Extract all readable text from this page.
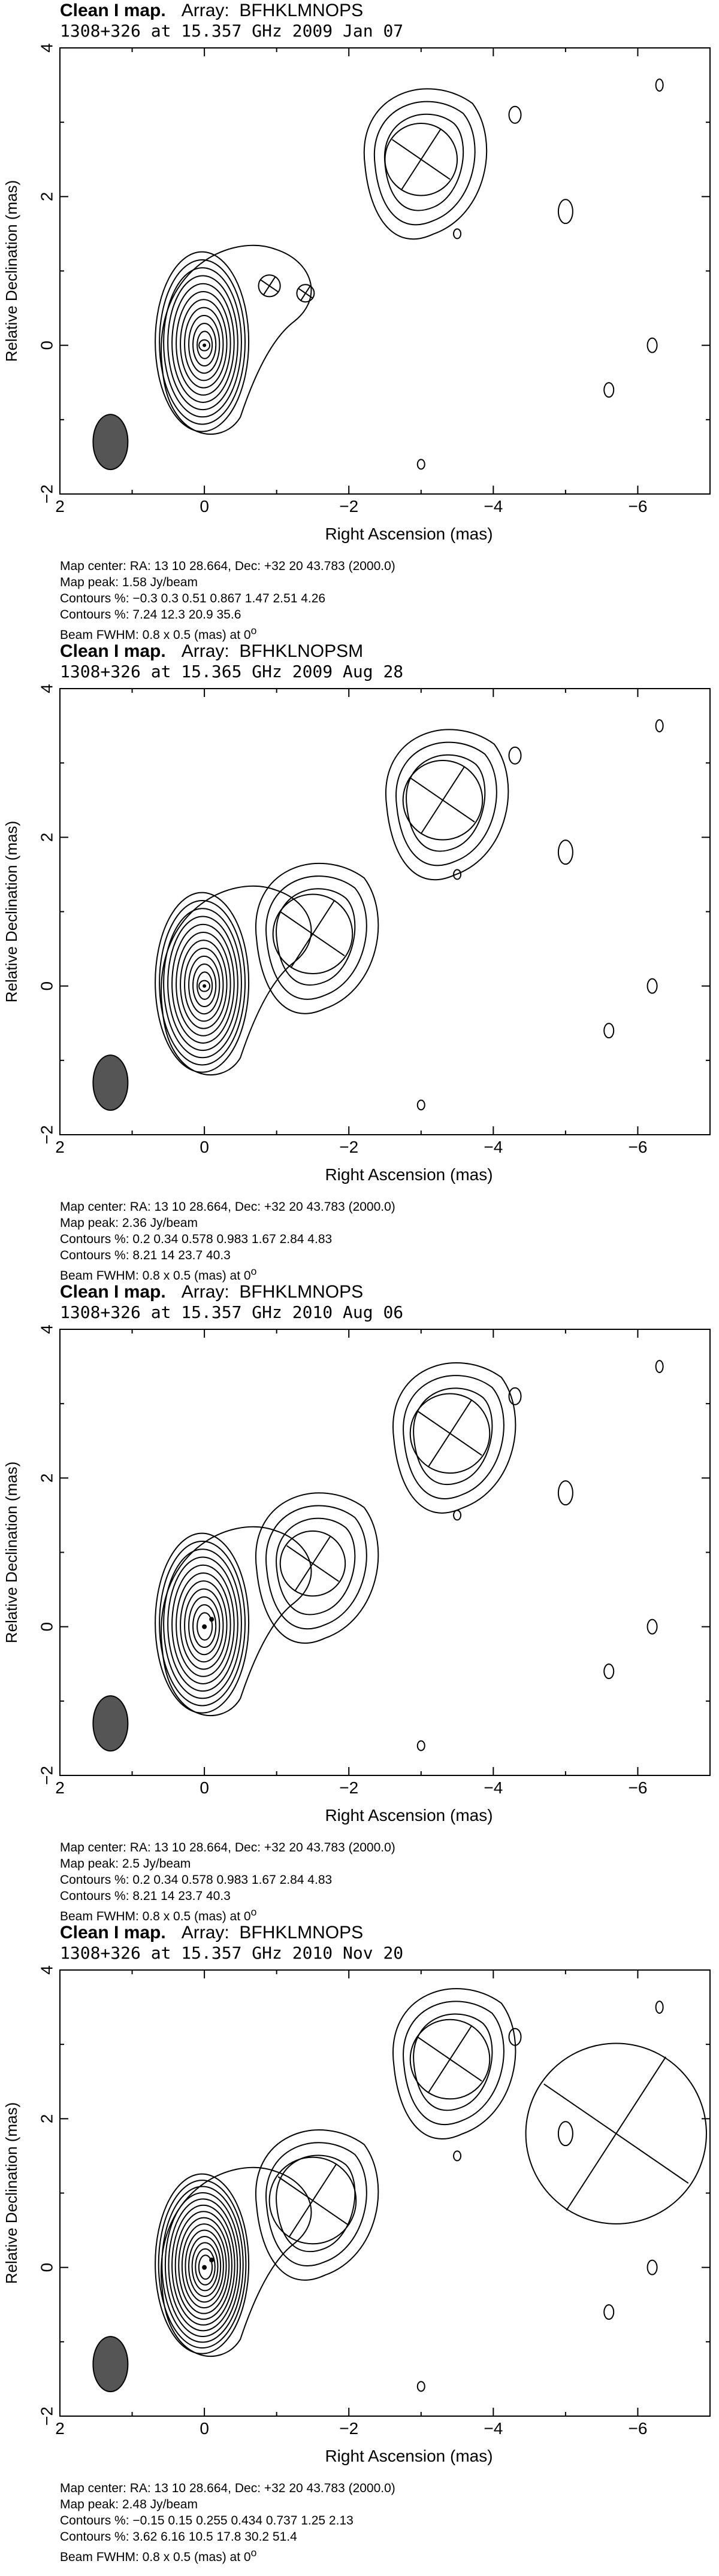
Clean I map. Array: BFHKLMNOPS
1308+326 at 15.357 GHz 2009 Jan 07
2	0	−2	−4	−6
4
2
0
−2
Right Ascension (mas)
Relative Declination (mas)
Map center: RA: 13 10 28.664, Dec: +32 20 43.783 (2000.0)
Map peak: 1.58 Jy/beam
Contours %: −0.3 0.3 0.51 0.867 1.47 2.51 4.26
Contours %: 7.24 12.3 20.9 35.6
Beam FWHM: 0.8 x 0.5 (mas) at 0$^o$
Clean I map. Array: BFHKLNOPSM
1308+326 at 15.365 GHz 2009 Aug 28
2	0	−2	−4	−6
4
2
0
−2
Right Ascension (mas)
Relative Declination (mas)
Map center: RA: 13 10 28.664, Dec: +32 20 43.783 (2000.0)
Map peak: 2.36 Jy/beam
Contours %: 0.2 0.34 0.578 0.983 1.67 2.84 4.83
Contours %: 8.21 14 23.7 40.3
Beam FWHM: 0.8 x 0.5 (mas) at 0$^o$
Clean I map. Array: BFHKLMNOPS
1308+326 at 15.357 GHz 2010 Aug 06
2	0	−2	−4	−6
4
2
0
−2
Right Ascension (mas)
Relative Declination (mas)
Map center: RA: 13 10 28.664, Dec: +32 20 43.783 (2000.0)
Map peak: 2.5 Jy/beam
Contours %: 0.2 0.34 0.578 0.983 1.67 2.84 4.83
Contours %: 8.21 14 23.7 40.3
Beam FWHM: 0.8 x 0.5 (mas) at 0$^o$
Clean I map. Array: BFHKLMNOPS
1308+326 at 15.357 GHz 2010 Nov 20
2	0	−2	−4	−6
4
2
0
−2
Right Ascension (mas)
Relative Declination (mas)
Map center: RA: 13 10 28.664, Dec: +32 20 43.783 (2000.0)
Map peak: 2.48 Jy/beam
Contours %: −0.15 0.15 0.255 0.434 0.737 1.25 2.13
Contours %: 3.62 6.16 10.5 17.8 30.2 51.4
Beam FWHM: 0.8 x 0.5 (mas) at 0$^o$
